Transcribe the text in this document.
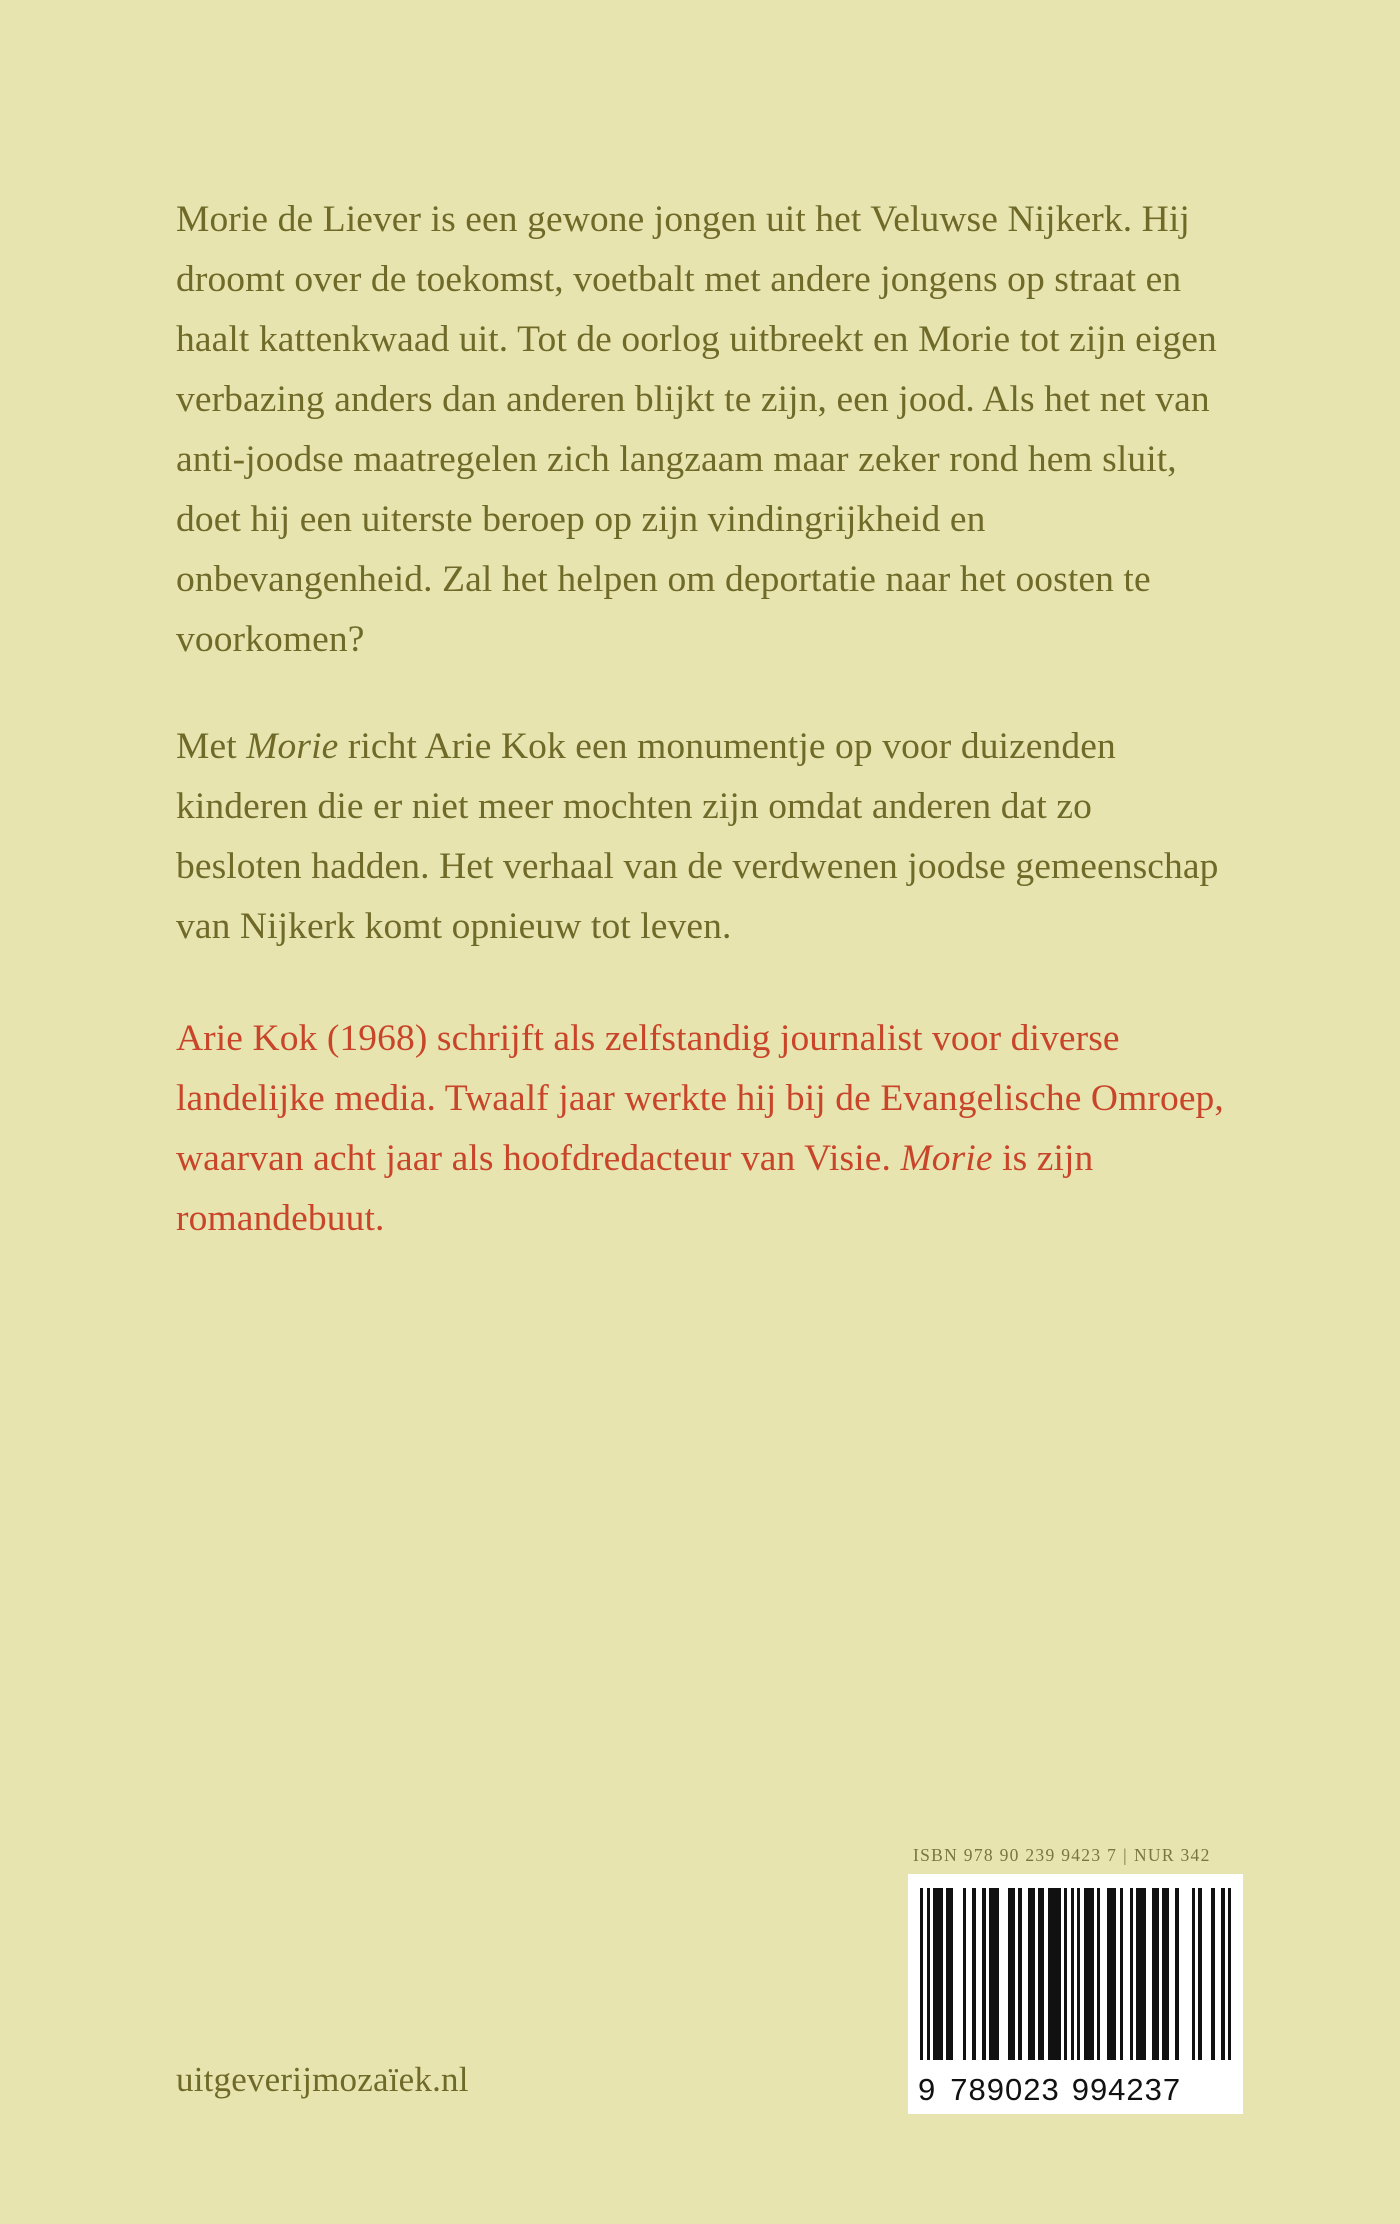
Morie de Liever is een gewone jongen uit het Veluwse Nijkerk. Hij droomt over de toekomst, voetbalt met andere jongens op straat en haalt kattenkwaad uit. Tot de oorlog uitbreekt en Morie tot zijn eigen verbazing anders dan anderen blijkt te zijn, een jood. Als het net van anti-joodse maatregelen zich langzaam maar zeker rond hem sluit, doet hij een uiterste beroep op zijn vindingrijkheid en onbevangenheid. Zal het helpen om deportatie naar het oosten te voorkomen?

Met Morie richt Arie Kok een monumentje op voor duizenden kinderen die er niet meer mochten zijn omdat anderen dat zo besloten hadden. Het verhaal van de verdwenen joodse gemeenschap van Nijkerk komt opnieuw tot leven.

Arie Kok (1968) schrijft als zelfstandig journalist voor diverse landelijke media. Twaalf jaar werkte hij bij de Evangelische Omroep, waarvan acht jaar als hoofdredacteur van Visie. Morie is zijn romandebuut.

ISBN 978 90 239 9423 7 | NUR 342
9 789023 994237
uitgeverijmozaïek.nl
